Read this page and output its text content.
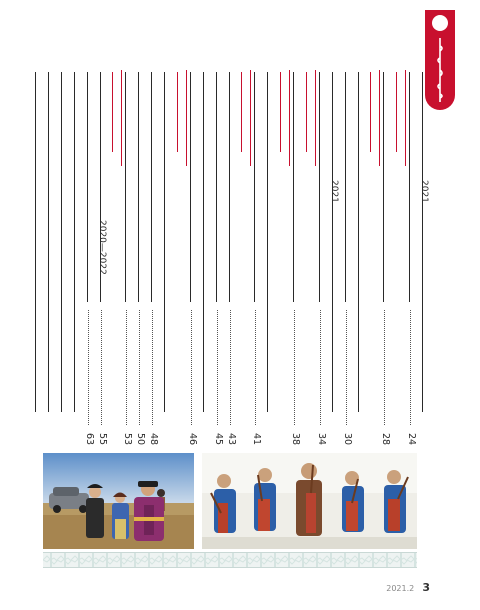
63
2020—2022
55 53 50 48	46 45 43 41	38 34
2021
30	28 24
2021
2021.2 3
